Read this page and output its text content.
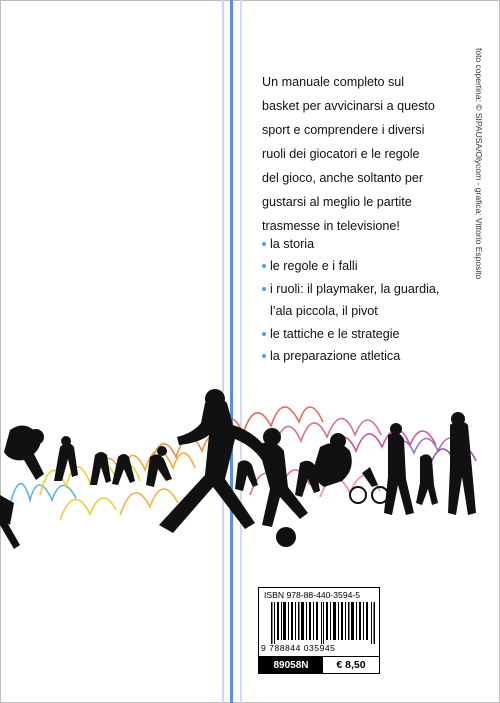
Un manuale completo sul
basket per avvicinarsi a questo
sport e comprendere i diversi
ruoli dei giocatori e le regole
del gioco, anche soltanto per
gustarsi al meglio le partite
trasmesse in televisione!
la storia
le regole e i falli
i ruoli: il playmaker, la guardia,
l’ala piccola, il pivot
le tattiche e le strategie
la preparazione atletica
foto copertina: © SIPAUSA/Olycom - grafica: Vittorio Esposito
ISBN 978-88-440-3594-5
9 788844 035945
89058N	€ 8,50
